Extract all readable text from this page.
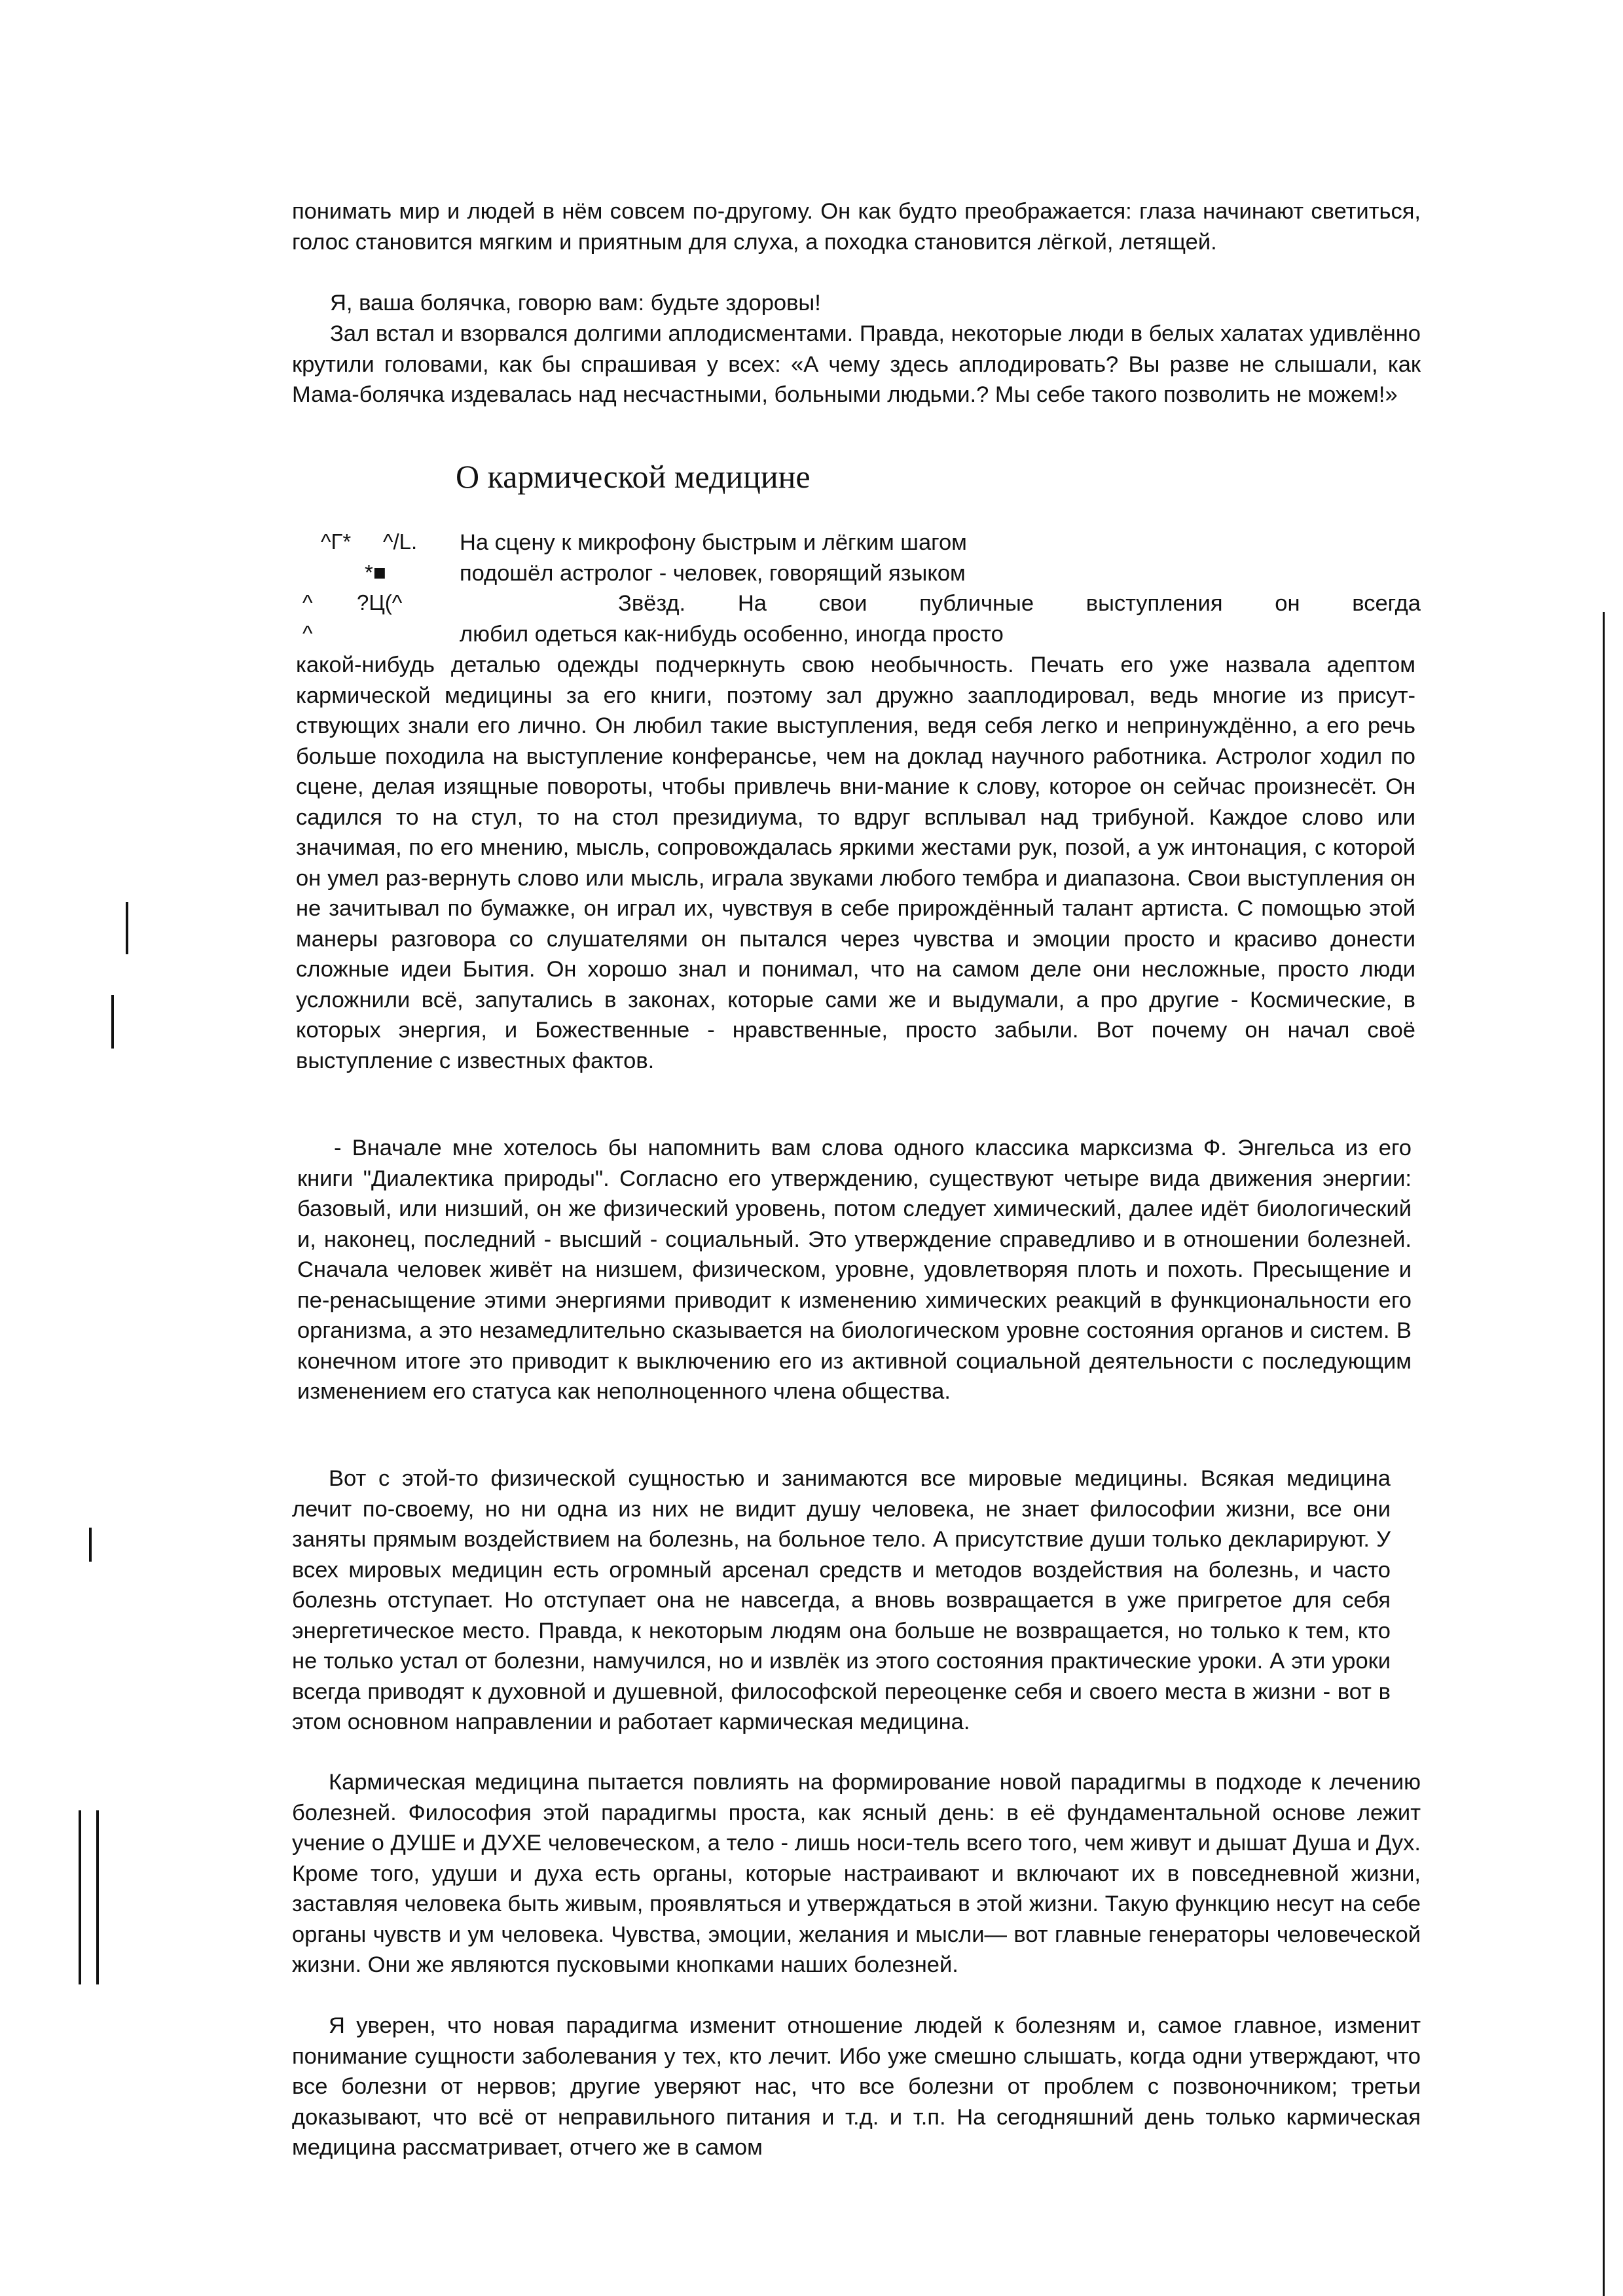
понимать мир и людей в нём совсем по-другому. Он как будто преображается: глаза начинают светиться, голос становится мягким и приятным для слуха, а походка становится лёгкой, летящей.

Я, ваша болячка, говорю вам: будьте здоровы!

Зал встал и взорвался долгими аплодисментами. Правда, некоторые люди в белых халатах удивлённо крутили головами, как бы спрашивая у всех: «А чему здесь аплодировать? Вы разве не слышали, как Мама-болячка издевалась над несчастными, больными людьми.? Мы себе такого позволить не можем!»

О кармической медицине
^Г* ^/L.
*■
^ ?Ц(^
^

На сцену к микрофону быстрым и лёгким шагом

подошёл астролог - человек, говорящий языком

Звёзд. На свои публичные выступления он всегда

любил одеться как-нибудь особенно, иногда просто

какой-нибудь деталью одежды подчеркнуть свою необычность. Печать его уже назвала адептом кармической медицины за его книги, поэтому зал дружно зааплодировал, ведь многие из присут-ствующих знали его лично. Он любил такие выступления, ведя себя легко и непринуждённо, а его речь больше походила на выступление конферансье, чем на доклад научного работника. Астролог ходил по сцене, делая изящные повороты, чтобы привлечь вни-мание к слову, которое он сейчас произнесёт. Он садился то на стул, то на стол президиума, то вдруг всплывал над трибуной. Каждое слово или значимая, по его мнению, мысль, сопровождалась яркими жестами рук, позой, а уж интонация, с которой он умел раз-вернуть слово или мысль, играла звуками любого тембра и диапазона. Свои выступления он не зачитывал по бумажке, он играл их, чувствуя в себе прирождённый талант артиста. С помощью этой манеры разговора со слушателями он пытался через чувства и эмоции просто и красиво донести сложные идеи Бытия. Он хорошо знал и понимал, что на самом деле они несложные, просто люди усложнили всё, запутались в законах, которые сами же и выдумали, а про другие - Космические, в которых энергия, и Божественные - нравственные, просто забыли. Вот почему он начал своё выступление с известных фактов.

- Вначале мне хотелось бы напомнить вам слова одного классика марксизма Ф. Энгельса из его книги "Диалектика природы". Согласно его утверждению, существуют четыре вида движения энергии: базовый, или низший, он же физический уровень, потом следует химический, далее идёт биологический и, наконец, последний - высший - социальный. Это утверждение справедливо и в отношении болезней. Сначала человек живёт на низшем, физическом, уровне, удовлетворяя плоть и похоть. Пресыщение и пе-ренасыщение этими энергиями приводит к изменению химических реакций в функциональности его организма, а это незамедлительно сказывается на биологическом уровне состояния органов и систем. В конечном итоге это приводит к выключению его из активной социальной деятельности с последующим изменением его статуса как неполноценного члена общества.

Вот с этой-то физической сущностью и занимаются все мировые медицины. Всякая медицина лечит по-своему, но ни одна из них не видит душу человека, не знает философии жизни, все они заняты прямым воздействием на болезнь, на больное тело. А присутствие души только декларируют. У всех мировых медицин есть огромный арсенал средств и методов воздействия на болезнь, и часто болезнь отступает. Но отступает она не навсегда, а вновь возвращается в уже пригретое для себя энергетическое место. Правда, к некоторым людям она больше не возвращается, но только к тем, кто не только устал от болезни, намучился, но и извлёк из этого состояния практические уроки. А эти уроки всегда приводят к духовной и душевной, философской переоценке себя и своего места в жизни - вот в этом основном направлении и работает кармическая медицина.

Кармическая медицина пытается повлиять на формирование новой парадигмы в подходе к лечению болезней. Философия этой парадигмы проста, как ясный день: в её фундаментальной основе лежит учение о ДУШЕ и ДУХЕ человеческом, а тело - лишь носи-тель всего того, чем живут и дышат Душа и Дух. Кроме того, удуши и духа есть органы, которые настраивают и включают их в повседневной жизни, заставляя человека быть живым, проявляться и утверждаться в этой жизни. Такую функцию несут на себе органы чувств и ум человека. Чувства, эмоции, желания и мысли— вот главные генераторы человеческой жизни. Они же являются пусковыми кнопками наших болезней.

Я уверен, что новая парадигма изменит отношение людей к болезням и, самое главное, изменит понимание сущности заболевания у тех, кто лечит. Ибо уже смешно слышать, когда одни утверждают, что все болезни от нервов; другие уверяют нас, что все болезни от проблем с позвоночником; третьи доказывают, что всё от неправильного питания и т.д. и т.п. На сегодняшний день только кармическая медицина рассматривает, отчего же в самом
